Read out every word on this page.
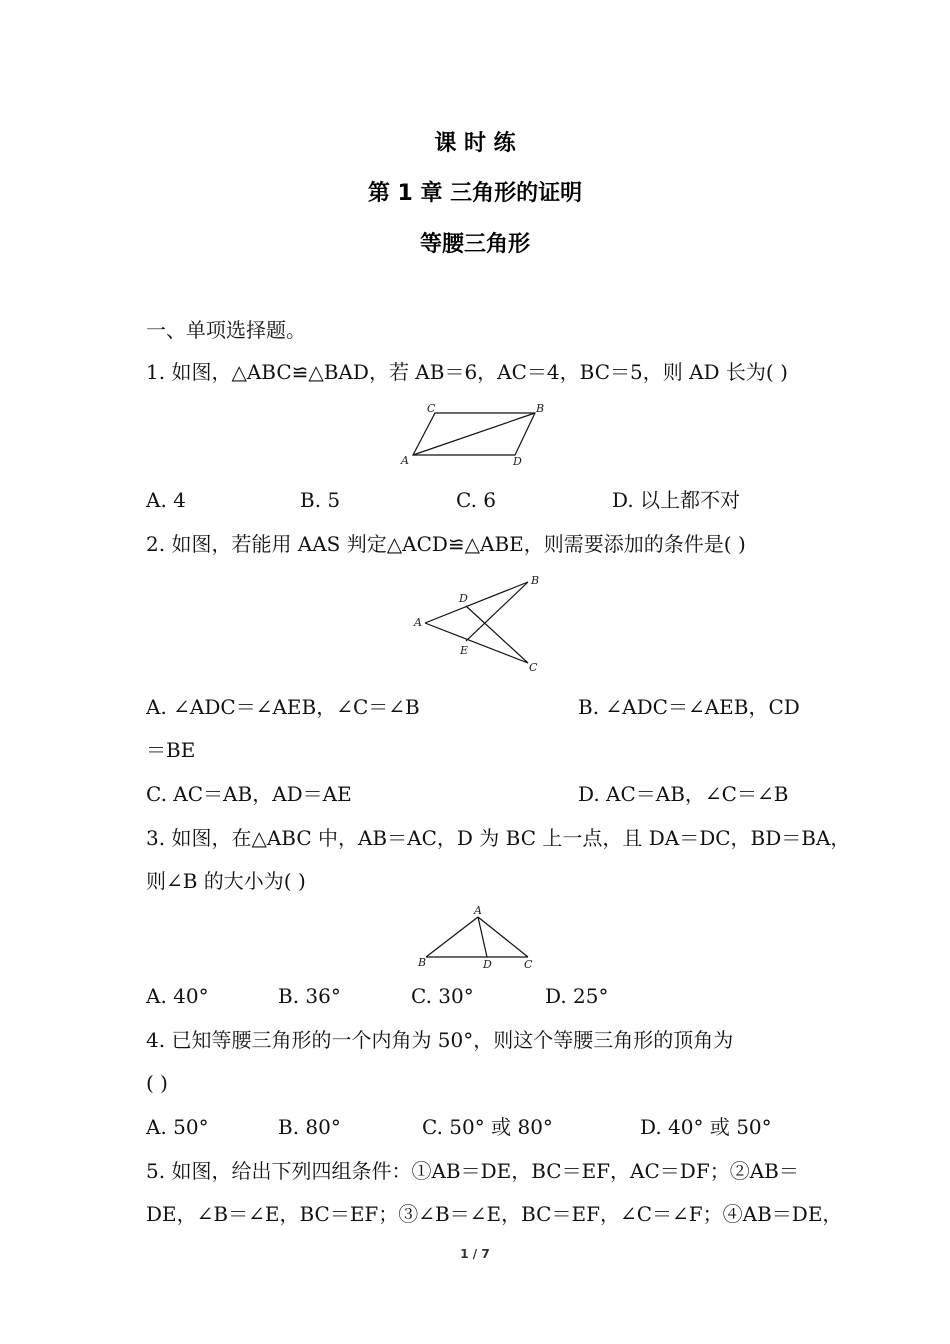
课 时 练
第 1 章 三角形的证明
等腰三角形
一、单项选择题。
1. 如图，△ABC≌△BAD，若 AB＝6，AC＝4，BC＝5，则 AD 长为( )
C	B
A	D
A. 4	B. 5	C. 6	D. 以上都不对
2. 如图，若能用 AAS 判定△ACD≌△ABE，则需要添加的条件是( )
B
D
A
E
C
A. ∠ADC＝∠AEB，∠C＝∠B	B. ∠ADC＝∠AEB，CD
＝BE
C. AC＝AB，AD＝AE	D. AC＝AB，∠C＝∠B
3. 如图，在△ABC 中，AB＝AC，D 为 BC 上一点，且 DA＝DC，BD＝BA，
则∠B 的大小为( )
A
B	D	C
A. 40°	B. 36°	C. 30°	D. 25°
4. 已知等腰三角形的一个内角为 50°，则这个等腰三角形的顶角为
( )
A. 50°	B. 80°	C. 50° 或 80°	D. 40° 或 50°
5. 如图，给出下列四组条件：①AB＝DE，BC＝EF，AC＝DF；②AB＝
DE，∠B＝∠E，BC＝EF；③∠B＝∠E，BC＝EF，∠C＝∠F；④AB＝DE，
1 / 7
